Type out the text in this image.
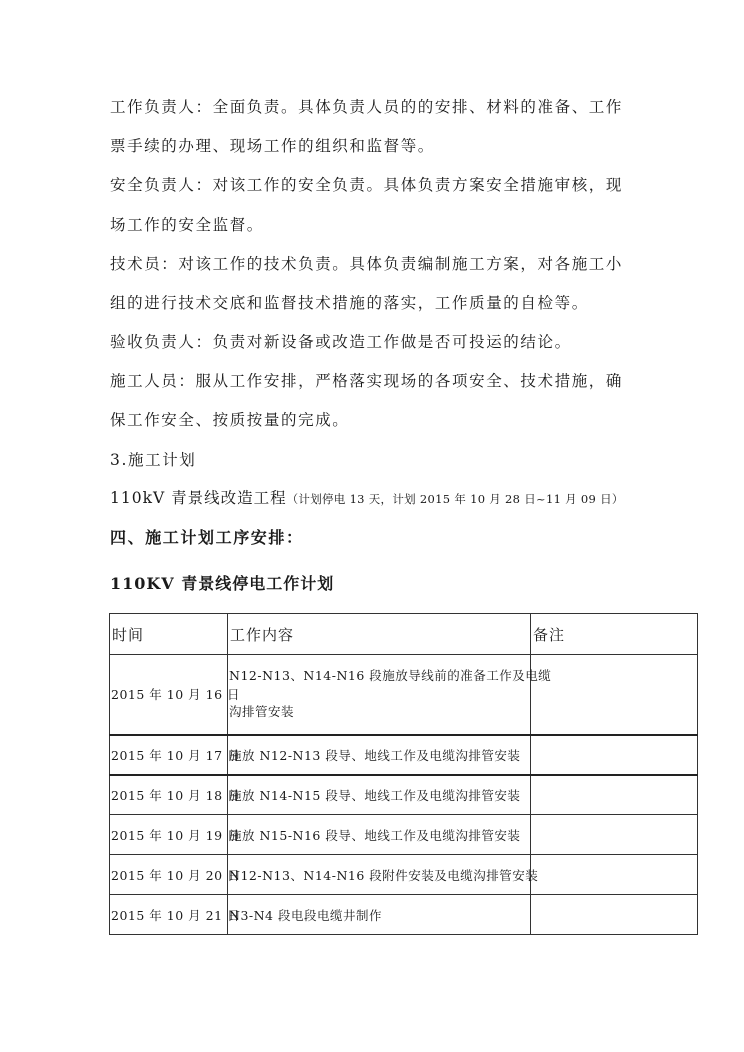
工作负责人：全面负责。具体负责人员的的安排、材料的准备、工作
票手续的办理、现场工作的组织和监督等。
安全负责人：对该工作的安全负责。具体负责方案安全措施审核，现
场工作的安全监督。
技术员：对该工作的技术负责。具体负责编制施工方案，对各施工小
组的进行技术交底和监督技术措施的落实，工作质量的自检等。
验收负责人：负责对新设备或改造工作做是否可投运的结论。
施工人员：服从工作安排，严格落实现场的各项安全、技术措施，确
保工作安全、按质按量的完成。
3.施工计划
110kV 青景线改造工程（计划停电 13 天，计划 2015 年 10 月 28 日~11 月 09 日）
四、施工计划工序安排：
110KV 青景线停电工作计划
时间	工作内容	备注
2015 年 10 月 16 日	N12-N13、N14-N16 段施放导线前的准备工作及电缆
沟排管安装	

2015 年 10 月 17 日	施放 N12-N13 段导、地线工作及电缆沟排管安装	
2015 年 10 月 18 日	施放 N14-N15 段导、地线工作及电缆沟排管安装	
2015 年 10 月 19 日	施放 N15-N16 段导、地线工作及电缆沟排管安装	
2015 年 10 月 20 日	N12-N13、N14-N16 段附件安装及电缆沟排管安装	
2015 年 10 月 21 日	N3-N4 段电段电缆井制作	
